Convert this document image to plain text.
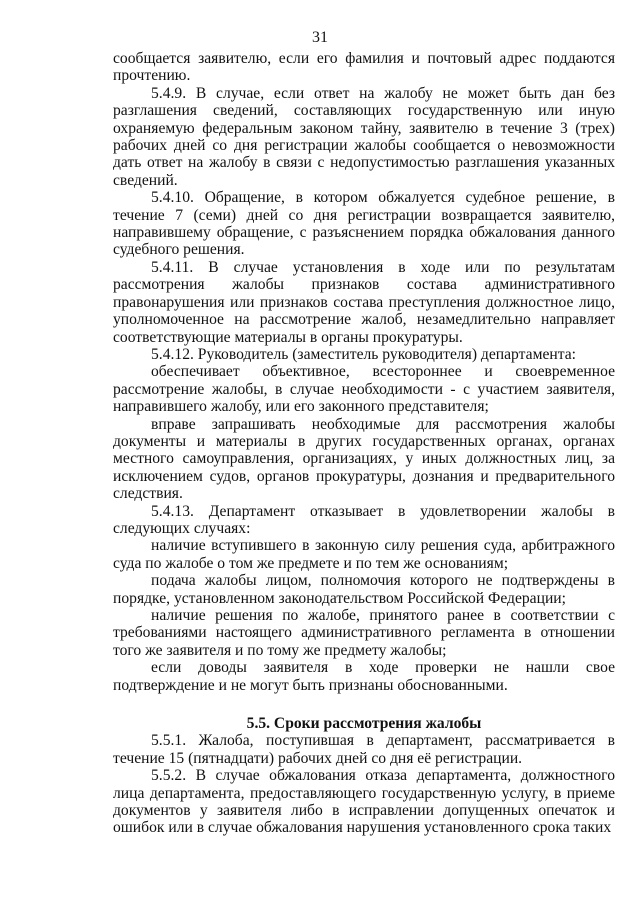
31

сообщается заявителю, если его фамилия и почтовый адрес поддаются прочтению.

5.4.9. В случае, если ответ на жалобу не может быть дан без разглашения сведений, составляющих государственную или иную охраняемую федеральным законом тайну, заявителю в течение 3 (трех) рабочих дней со дня регистрации жалобы сообщается о невозможности дать ответ на жалобу в связи с недопустимостью разглашения указанных сведений.

5.4.10. Обращение, в котором обжалуется судебное решение, в течение 7 (семи) дней со дня регистрации возвращается заявителю, направившему обращение, с разъяснением порядка обжалования данного судебного решения.

5.4.11. В случае установления в ходе или по результатам рассмотрения жалобы признаков состава административного правонарушения или признаков состава преступления должностное лицо, уполномоченное на рассмотрение жалоб, незамедлительно направляет соответствующие материалы в органы прокуратуры.

5.4.12. Руководитель (заместитель руководителя) департамента:

обеспечивает объективное, всестороннее и своевременное рассмотрение жалобы, в случае необходимости - с участием заявителя, направившего жалобу, или его законного представителя;

вправе запрашивать необходимые для рассмотрения жалобы документы и материалы в других государственных органах, органах местного самоуправления, организациях, у иных должностных лиц, за исключением судов, органов прокуратуры, дознания и предварительного следствия.

5.4.13. Департамент отказывает в удовлетворении жалобы в следующих случаях:

наличие вступившего в законную силу решения суда, арбитражного суда по жалобе о том же предмете и по тем же основаниям;

подача жалобы лицом, полномочия которого не подтверждены в порядке, установленном законодательством Российской Федерации;

наличие решения по жалобе, принятого ранее в соответствии с требованиями настоящего административного регламента в отношении того же заявителя и по тому же предмету жалобы;

если доводы заявителя в ходе проверки не нашли свое подтверждение и не могут быть признаны обоснованными.

5.5. Сроки рассмотрения жалобы

5.5.1. Жалоба, поступившая в департамент, рассматривается в течение 15 (пятнадцати) рабочих дней со дня её регистрации.

5.5.2. В случае обжалования отказа департамента, должностного лица департамента, предоставляющего государственную услугу, в приеме документов у заявителя либо в исправлении допущенных опечаток и ошибок или в случае обжалования нарушения установленного срока таких
